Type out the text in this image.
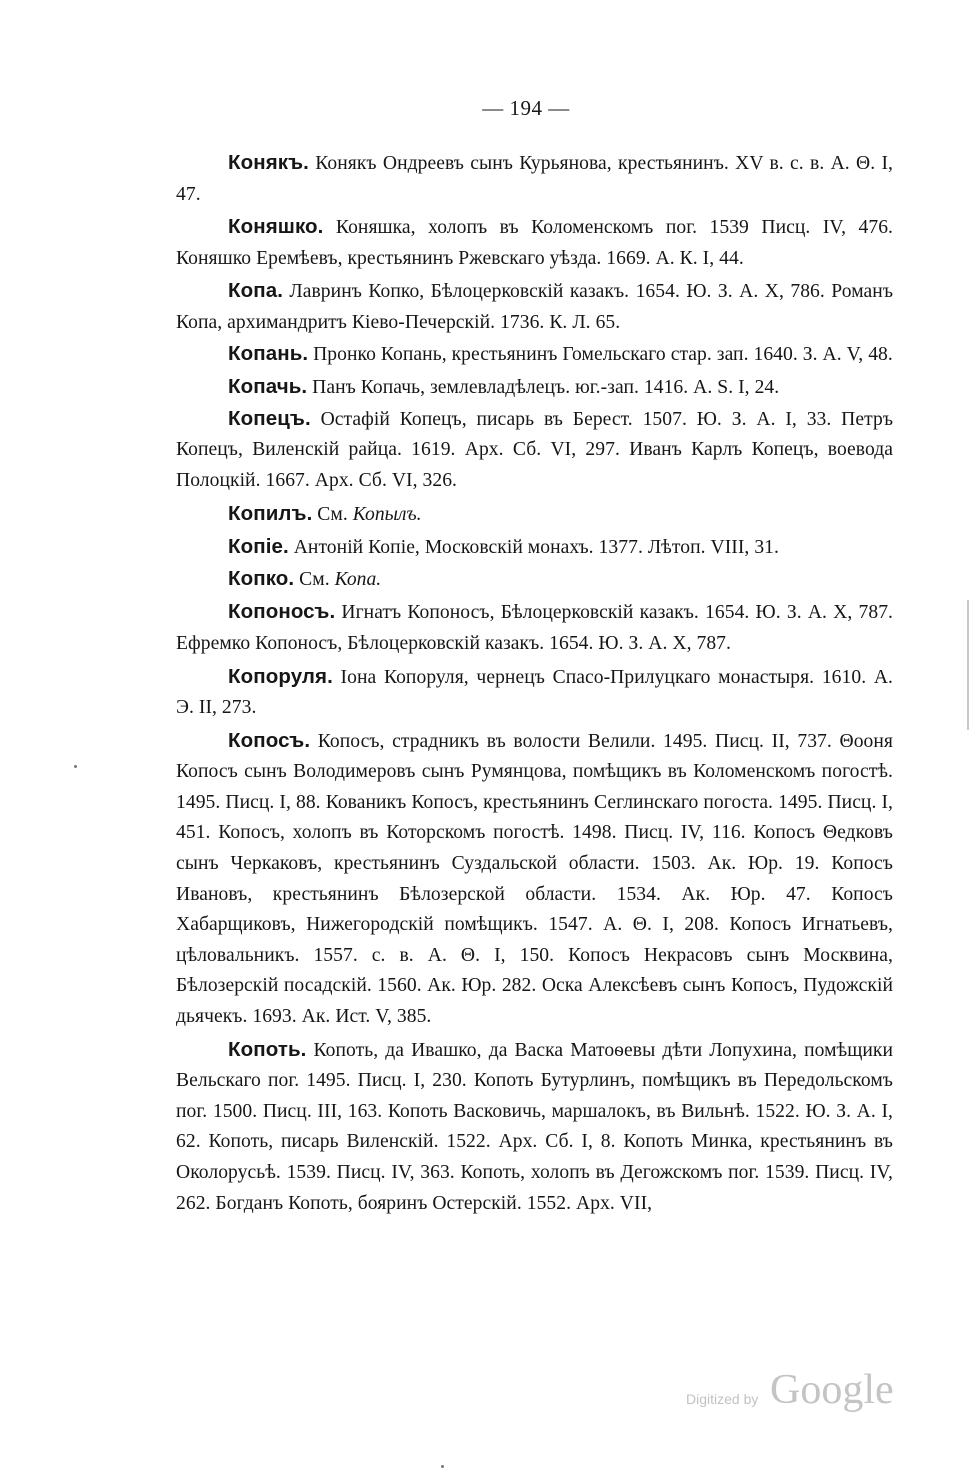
— 194 —

Конякъ. Конякъ Ондреевъ сынъ Курьянова, крестьянинъ. XV в. с. в. А. Θ. I, 47.

Коняшко. Коняшка, холопъ въ Коломенскомъ пог. 1539 Писц. IV, 476. Коняшко Еремѣевъ, крестьянинъ Ржевскаго уѣзда. 1669. А. К. I, 44.

Копа. Лавринъ Копко, Бѣлоцерковскій казакъ. 1654. Ю. З. А. X, 786. Романъ Копа, архимандритъ Кіево-Печерскій. 1736. К. Л. 65.

Копань. Пронко Копань, крестьянинъ Гомельскаго стар. зап. 1640. З. А. V, 48.

Копачь. Панъ Копачь, землевладѣлецъ. юг.-зап. 1416. А. S. I, 24.

Копецъ. Остафій Копецъ, писарь въ Берест. 1507. Ю. З. А. I, 33. Петръ Копецъ, Виленскій райца. 1619. Арх. Сб. VI, 297. Иванъ Карлъ Копецъ, воевода Полоцкій. 1667. Арх. Сб. VI, 326.

Копилъ. См. Копылъ.

Копіе. Антоній Копіе, Московскій монахъ. 1377. Лѣтоп. VIII, 31.

Копко. См. Копа.

Копоносъ. Игнатъ Копоносъ, Бѣлоцерковскій казакъ. 1654. Ю. З. А. X, 787. Ефремко Копоносъ, Бѣлоцерковскій казакъ. 1654. Ю. З. А. X, 787.

Копоруля. Іона Копоруля, чернецъ Спасо-Прилуцкаго монастыря. 1610. А. Э. II, 273.

Копосъ. Копосъ, страдникъ въ волости Велили. 1495. Писц. II, 737. Θооня Копосъ сынъ Володимеровъ сынъ Румянцова, помѣщикъ въ Коломенскомъ погостѣ. 1495. Писц. I, 88. Кованикъ Копосъ, крестьянинъ Сеглинскаго погоста. 1495. Писц. I, 451. Копосъ, холопъ въ Которскомъ погостѣ. 1498. Писц. IV, 116. Копосъ Θедковъ сынъ Черкаковъ, крестьянинъ Суздальской области. 1503. Ак. Юр. 19. Копосъ Ивановъ, крестьянинъ Бѣлозерской области. 1534. Ак. Юр. 47. Копосъ Хабарщиковъ, Нижегородскій помѣщикъ. 1547. А. Θ. I, 208. Копосъ Игнатьевъ, цѣловальникъ. 1557. с. в. А. Θ. I, 150. Копосъ Некрасовъ сынъ Москвина, Бѣлозерскій посадскій. 1560. Ак. Юр. 282. Оска Алексѣевъ сынъ Копосъ, Пудожскій дьячекъ. 1693. Ак. Ист. V, 385.

Копоть. Копоть, да Ивашко, да Васка Матоѳевы дѣти Лопухина, помѣщики Вельскаго пог. 1495. Писц. I, 230. Копоть Бутурлинъ, помѣщикъ въ Передольскомъ пог. 1500. Писц. III, 163. Копоть Васковичь, маршалокъ, въ Вильнѣ. 1522. Ю. З. А. I, 62. Копоть, писарь Виленскій. 1522. Арх. Сб. I, 8. Копоть Минка, крестьянинъ въ Околорусьѣ. 1539. Писц. IV, 363. Копоть, холопъ въ Дегожскомъ пог. 1539. Писц. IV, 262. Богданъ Копоть, бояринъ Остерскій. 1552. Арх. VII,

Digitized by Google
